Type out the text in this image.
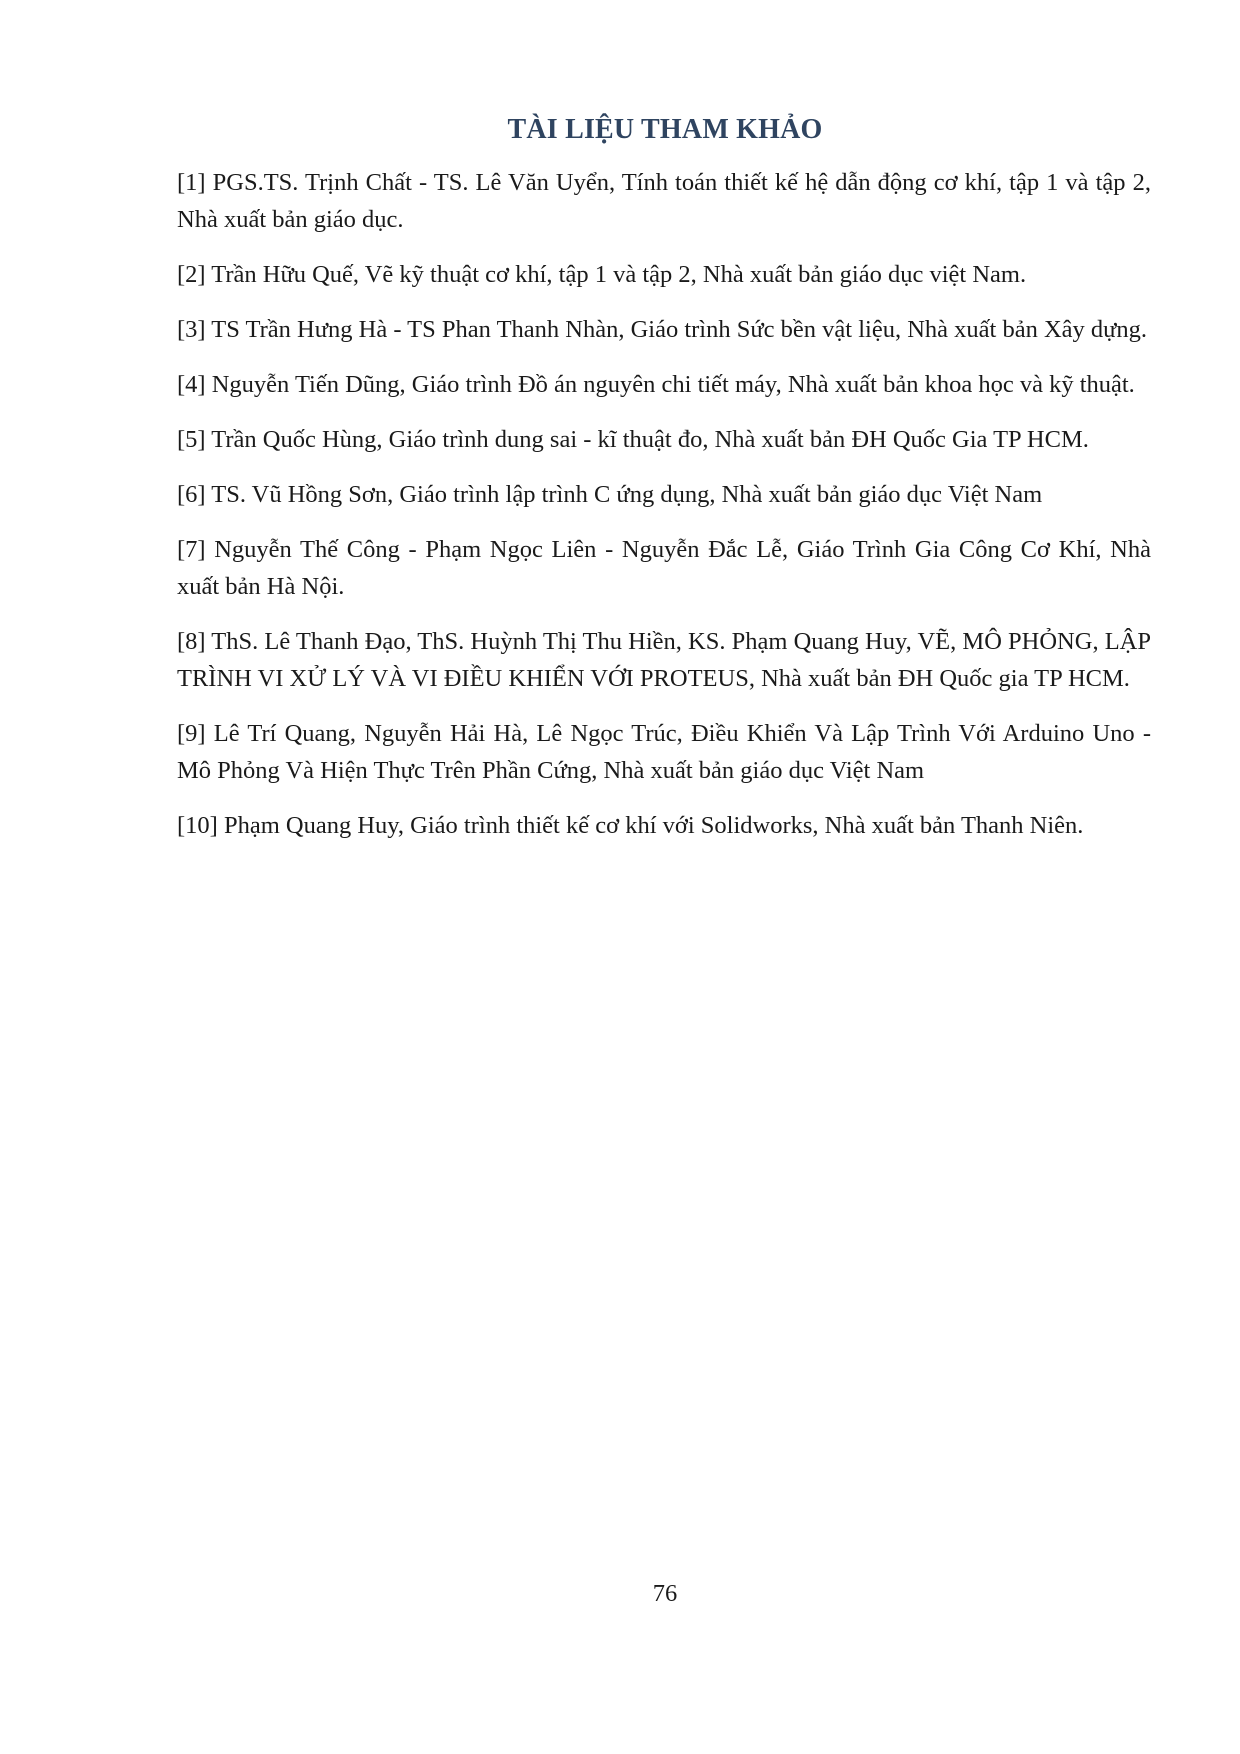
TÀI LIỆU THAM KHẢO

[1] PGS.TS. Trịnh Chất - TS. Lê Văn Uyển, Tính toán thiết kế hệ dẫn động cơ khí, tập 1 và tập 2, Nhà xuất bản giáo dục.

[2] Trần Hữu Quế, Vẽ kỹ thuật cơ khí, tập 1 và tập 2, Nhà xuất bản giáo dục việt Nam.

[3] TS Trần Hưng Hà - TS Phan Thanh Nhàn, Giáo trình Sức bền vật liệu, Nhà xuất bản Xây dựng.

[4] Nguyễn Tiến Dũng, Giáo trình Đồ án nguyên chi tiết máy, Nhà xuất bản khoa học và kỹ thuật.

[5] Trần Quốc Hùng, Giáo trình dung sai - kĩ thuật đo, Nhà xuất bản ĐH Quốc Gia TP HCM.

[6] TS. Vũ Hồng Sơn, Giáo trình lập trình C ứng dụng, Nhà xuất bản giáo dục Việt Nam

[7] Nguyễn Thế Công - Phạm Ngọc Liên - Nguyễn Đắc Lễ, Giáo Trình Gia Công Cơ Khí, Nhà xuất bản Hà Nội.

[8] ThS. Lê Thanh Đạo, ThS. Huỳnh Thị Thu Hiền, KS. Phạm Quang Huy, VẼ, MÔ PHỎNG, LẬP TRÌNH VI XỬ LÝ VÀ VI ĐIỀU KHIỂN VỚI PROTEUS, Nhà xuất bản ĐH Quốc gia TP HCM.

[9] Lê Trí Quang, Nguyễn Hải Hà, Lê Ngọc Trúc, Điều Khiển Và Lập Trình Với Arduino Uno - Mô Phỏng Và Hiện Thực Trên Phần Cứng, Nhà xuất bản giáo dục Việt Nam

[10] Phạm Quang Huy, Giáo trình thiết kế cơ khí với Solidworks, Nhà xuất bản Thanh Niên.

76
